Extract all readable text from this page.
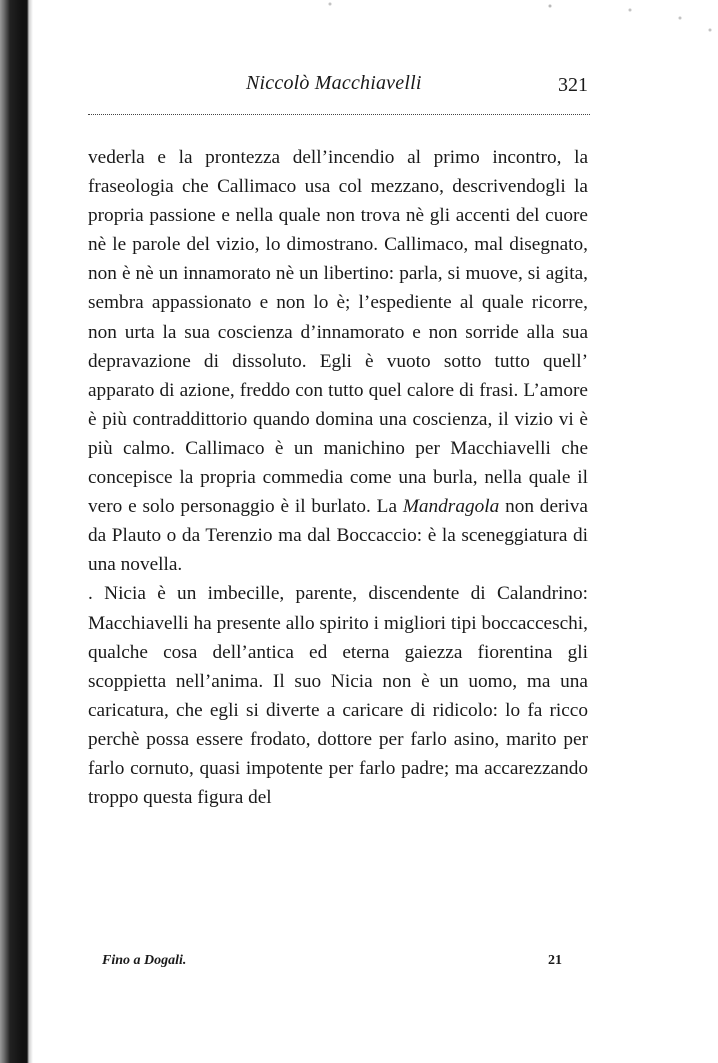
Niccolò Macchiavelli	321

vederla e la prontezza dell’incendio al primo incontro, la fraseologia che Callimaco usa col mezzano, descrivendogli la propria passione e nella quale non trova nè gli accenti del cuore nè le parole del vizio, lo dimostrano. Callimaco, mal disegnato, non è nè un innamorato nè un libertino: parla, si muove, si agita, sembra appassionato e non lo è; l’espediente al quale ricorre, non urta la sua coscienza d’innamorato e non sorride alla sua depravazione di dissoluto. Egli è vuoto sotto tutto quell’ apparato di azione, freddo con tutto quel calore di frasi. L’amore è più contraddittorio quando domina una coscienza, il vizio vi è più calmo. Callimaco è un manichino per Macchiavelli che concepisce la propria commedia come una burla, nella quale il vero e solo personaggio è il burlato. La Mandragola non deriva da Plauto o da Terenzio ma dal Boccaccio: è la sceneggiatura di una novella.

. Nicia è un imbecille, parente, discendente di Calandrino: Macchiavelli ha presente allo spirito i migliori tipi boccacceschi, qualche cosa dell’antica ed eterna gaiezza fiorentina gli scoppietta nell’anima. Il suo Nicia non è un uomo, ma una caricatura, che egli si diverte a caricare di ridicolo: lo fa ricco perchè possa essere frodato, dottore per farlo asino, marito per farlo cornuto, quasi impotente per farlo padre; ma accarezzando troppo questa figura del

Fino a Dogali.	21
